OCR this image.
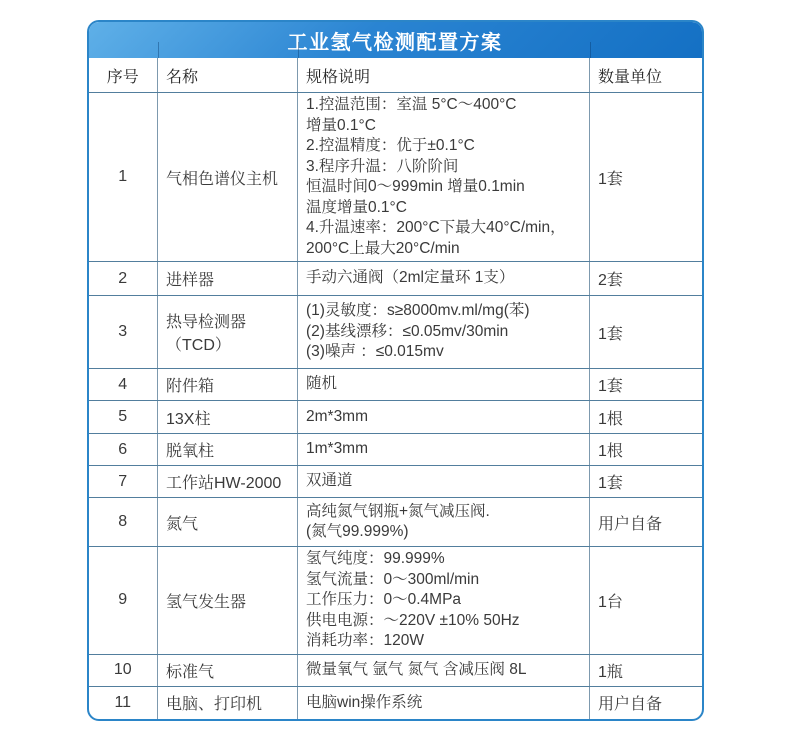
工业氢气检测配置方案
序号	名称	规格说明	数量单位
1	气相色谱仪主机	1.控温范围：室温 5°C～400°C
增量0.1°C
2.控温精度：优于±0.1°C
3.程序升温：八阶阶间
恒温时间0～999min 增量0.1min
温度增量0.1°C
4.升温速率：200°C下最大40°C/min，
200°C上最大20°C/min	1套
2	进样器	手动六通阀（2ml定量环 1支）	2套
3	热导检测器（TCD）	(1)灵敏度：s≥8000mv.ml/mg(苯)
(2)基线漂移：≤0.05mv/30min
(3)噪声 ：≤0.015mv	1套
4	附件箱	随机	1套
5	13X柱	2m*3mm	1根
6	脱氧柱	1m*3mm	1根
7	工作站HW-2000	双通道	1套
8	氮气	高纯氮气钢瓶+氮气减压阀.
(氮气99.999%)	用户自备
9	氢气发生器	氢气纯度：99.999%
氢气流量：0～300ml/min
工作压力：0～0.4MPa
供电电源：～220V ±10% 50Hz
消耗功率：120W	1台
10	标准气	微量氧气 氩气 氮气 含减压阀 8L	1瓶
11	电脑、打印机	电脑win操作系统	用户自备
